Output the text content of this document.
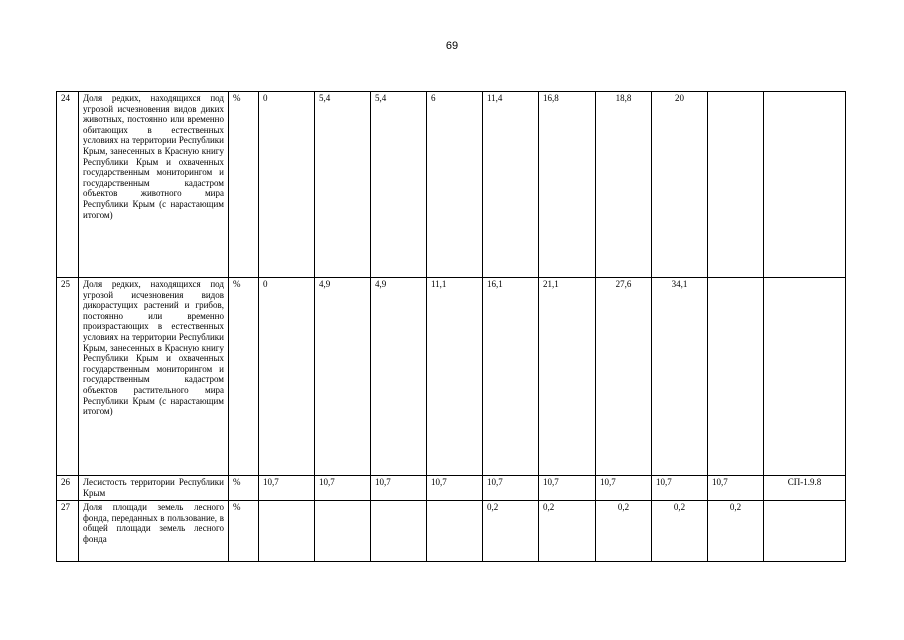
69
24	Доля редких, находящихся под угрозой исчезновения видов диких животных, постоянно или временно обитающих в естественных условиях на территории Республики Крым, занесенных в Красную книгу Республики Крым и охваченных государственным мониторингом и государственным кадастром объектов животного мира Республики Крым (с нарастающим итогом)	%	0	5,4	5,4	6	11,4	16,8	18,8	20		
25	Доля редких, находящихся под угрозой исчезновения видов дикорастущих растений и грибов, постоянно или временно произрастающих в естественных условиях на территории Республики Крым, занесенных в Красную книгу Республики Крым и охваченных государственным мониторингом и государственным кадастром объектов растительного мира Республики Крым (с нарастающим итогом)	%	0	4,9	4,9	11,1	16,1	21,1	27,6	34,1		
26	Лесистость территории Республики Крым	%	10,7	10,7	10,7	10,7	10,7	10,7	10,7	10,7	10,7	СП-1.9.8
27	Доля площади земель лесного фонда, переданных в пользование, в общей площади земель лесного фонда	%					0,2	0,2	0,2	0,2	0,2	
